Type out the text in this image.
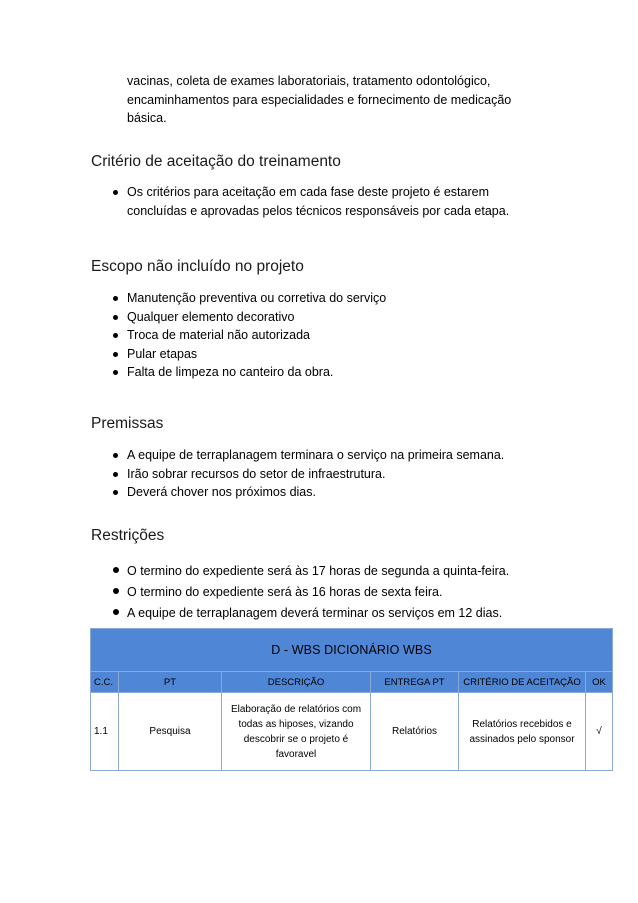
vacinas, coleta de exames laboratoriais, tratamento odontológico,
encaminhamentos para especialidades e fornecimento de medicação
básica.
Critério de aceitação do treinamento
Os critérios para aceitação em cada fase deste projeto é estarem concluídas e aprovadas pelos técnicos responsáveis por cada etapa.
Escopo não incluído no projeto
Manutenção preventiva ou corretiva do serviço
Qualquer elemento decorativo
Troca de material não autorizada
Pular etapas
Falta de limpeza no canteiro da obra.
Premissas
A equipe de terraplanagem terminara o serviço na primeira semana.
Irão sobrar recursos do setor de infraestrutura.
Deverá chover nos próximos dias.
Restrições
O termino do expediente será às 17 horas de segunda a quinta-feira.
O termino do expediente será às 16 horas de sexta feira.
A equipe de terraplanagem deverá terminar os serviços em 12 dias.
D - WBS DICIONÁRIO WBS					
C.C.	PT	DESCRIÇÃO	ENTREGA PT	CRITÉRIO DE ACEITAÇÃO	OK
1.1	Pesquisa	Elaboração de relatórios com todas as hiposes, vizando descobrir se o projeto é favoravel	Relatórios	Relatórios recebidos e assinados pelo sponsor	√
